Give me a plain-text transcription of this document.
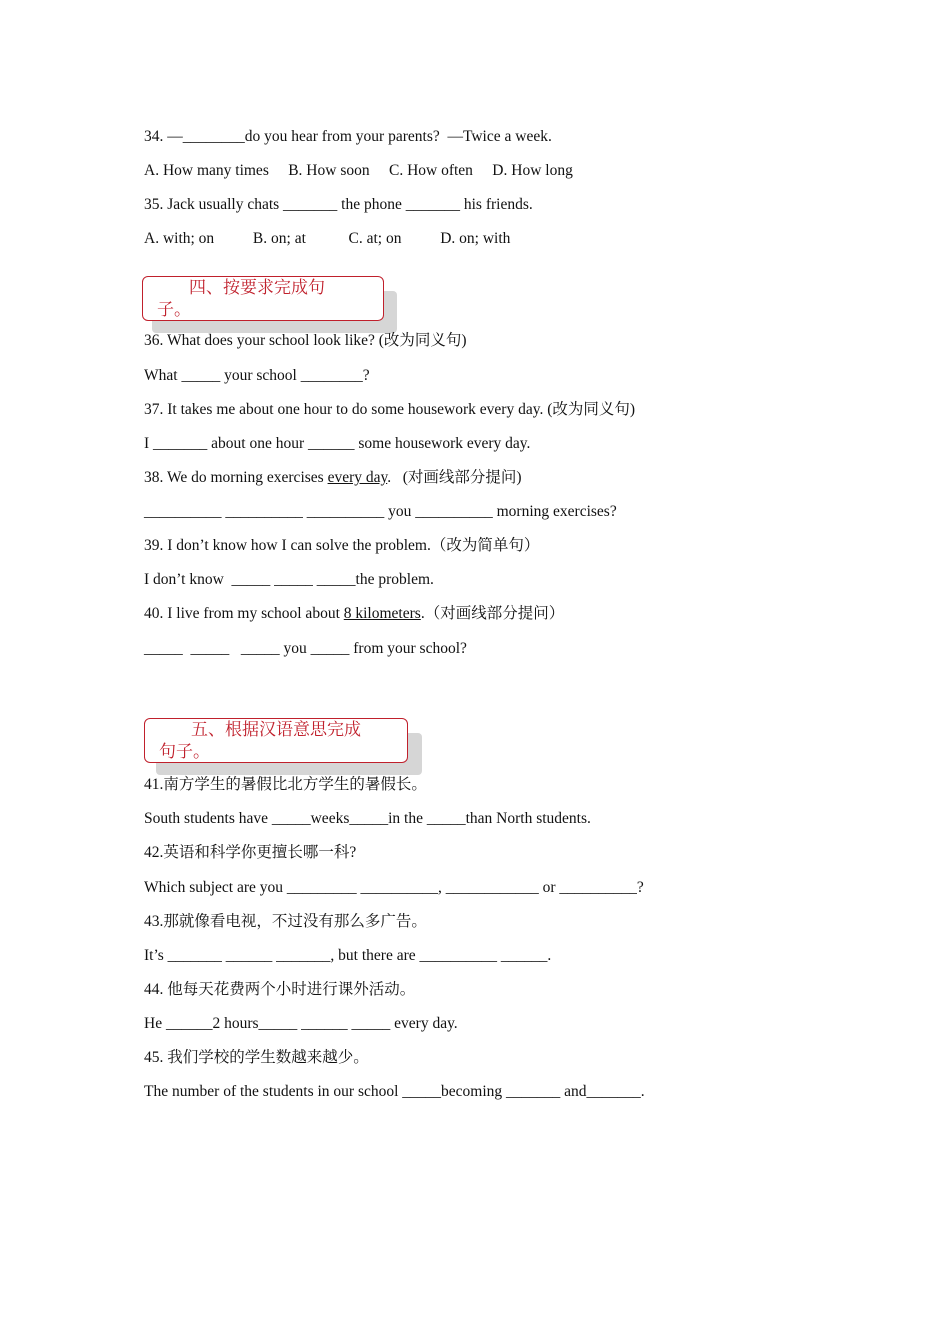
34. —________do you hear from your parents?  —Twice a week.
A. How many times     B. How soon     C. How often     D. How long
35. Jack usually chats _______ the phone _______ his friends.
A. with; on          B. on; at           C. at; on          D. on; with
四、按要求完成句
子。
36. What does your school look like? (改为同义句)
What _____ your school ________?
37. It takes me about one hour to do some housework every day. (改为同义句)
I _______ about one hour ______ some housework every day.
38. We do morning exercises every day.   (对画线部分提问)
__________ __________ __________ you __________ morning exercises?
39. I don’t know how I can solve the problem.（改为简单句）
I don’t know  _____ _____ _____the problem.
40. I live from my school about 8 kilometers.（对画线部分提问）
_____  _____   _____ you _____ from your school?
五、根据汉语意思完成
句子。
41.南方学生的暑假比北方学生的暑假长。
South students have _____weeks_____in the _____than North students.
42.英语和科学你更擅长哪一科?
Which subject are you _________ __________, ____________ or __________?
43.那就像看电视，不过没有那么多广告。
It’s _______ ______ _______, but there are __________ ______.
44. 他每天花费两个小时进行课外活动。
He ______2 hours_____ ______ _____ every day.
45. 我们学校的学生数越来越少。
The number of the students in our school _____becoming _______ and_______.
